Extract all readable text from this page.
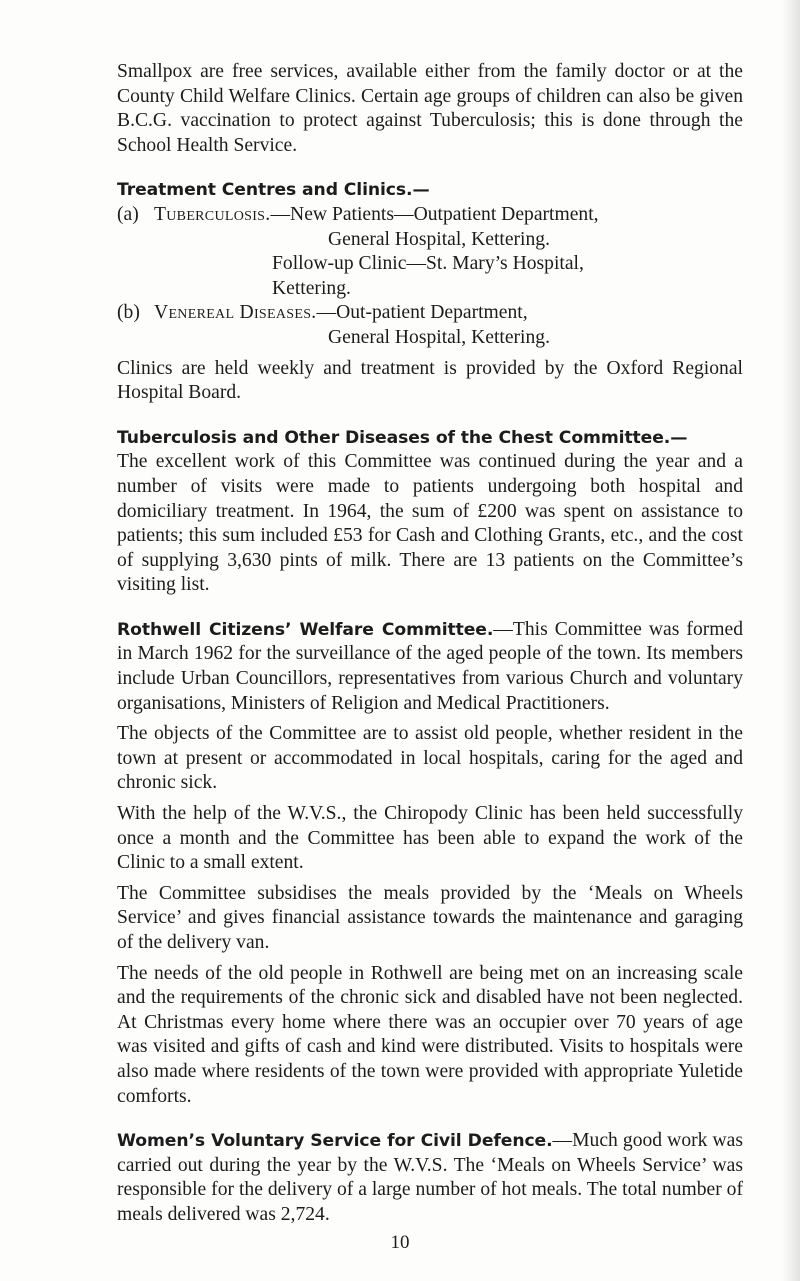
Smallpox are free services, available either from the family doctor or at the County Child Welfare Clinics. Certain age groups of children can also be given B.C.G. vaccination to protect against Tuberculosis; this is done through the School Health Service.

Treatment Centres and Clinics.—

(a) Tuberculosis.—New Patients—Outpatient Department,
General Hospital, Kettering.
Follow-up Clinic—St. Mary’s Hospital,
Kettering.
(b) Venereal Diseases.—Out-patient Department,
General Hospital, Kettering.

Clinics are held weekly and treatment is provided by the Oxford Regional Hospital Board.

Tuberculosis and Other Diseases of the Chest Committee.—

The excellent work of this Committee was continued during the year and a number of visits were made to patients undergoing both hospital and domiciliary treatment. In 1964, the sum of £200 was spent on assistance to patients; this sum included £53 for Cash and Clothing Grants, etc., and the cost of supplying 3,630 pints of milk. There are 13 patients on the Committee’s visiting list.

Rothwell Citizens’ Welfare Committee.—This Committee was formed in March 1962 for the surveillance of the aged people of the town. Its members include Urban Councillors, representatives from various Church and voluntary organisations, Ministers of Religion and Medical Practitioners.

The objects of the Committee are to assist old people, whether resident in the town at present or accommodated in local hospitals, caring for the aged and chronic sick.

With the help of the W.V.S., the Chiropody Clinic has been held successfully once a month and the Committee has been able to expand the work of the Clinic to a small extent.

The Committee subsidises the meals provided by the ‘Meals on Wheels Service’ and gives financial assistance towards the maintenance and garaging of the delivery van.

The needs of the old people in Rothwell are being met on an increasing scale and the requirements of the chronic sick and disabled have not been neglected. At Christmas every home where there was an occupier over 70 years of age was visited and gifts of cash and kind were distributed. Visits to hospitals were also made where residents of the town were provided with appropriate Yuletide comforts.

Women’s Voluntary Service for Civil Defence.—Much good work was carried out during the year by the W.V.S. The ‘Meals on Wheels Service’ was responsible for the delivery of a large number of hot meals. The total number of meals delivered was 2,724.

10
